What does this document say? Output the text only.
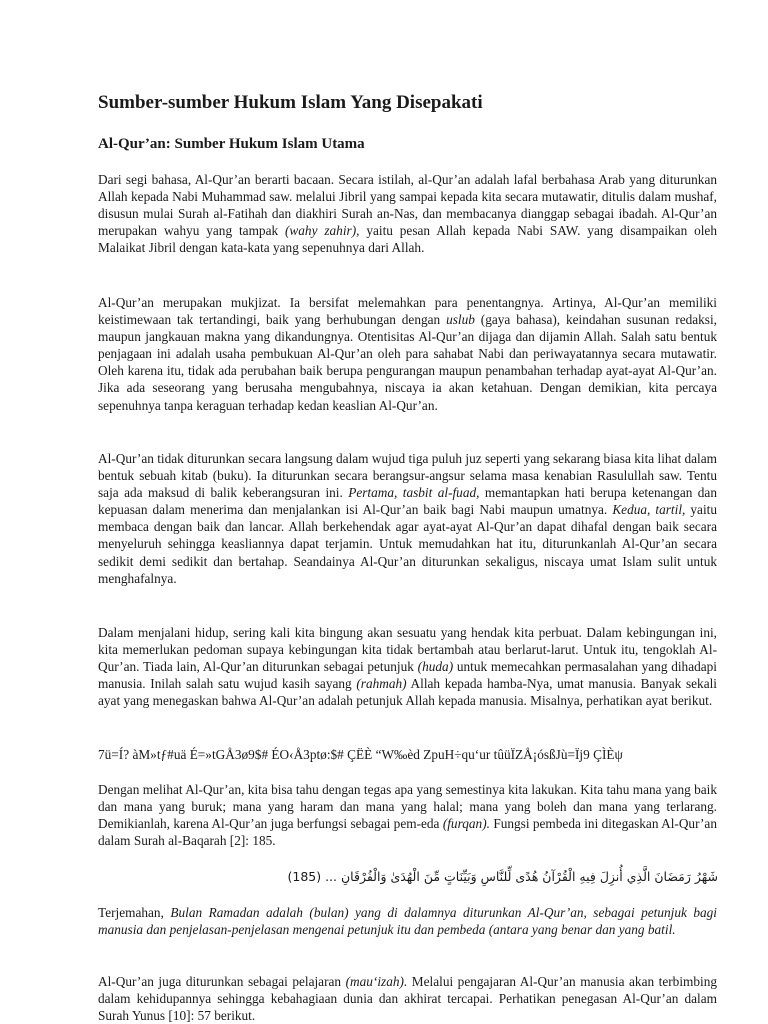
Sumber-sumber Hukum Islam Yang Disepakati
Al-Qur’an: Sumber Hukum Islam Utama

Dari segi bahasa, Al-Qur’an berarti bacaan. Secara istilah, al-Qur’an adalah lafal berbahasa Arab yang diturunkan Allah kepada Nabi Muhammad saw. melalui Jibril yang sampai kepada kita secara mutawatir, ditulis dalam mushaf, disusun mulai Surah al-Fatihah dan diakhiri Surah an-Nas, dan membacanya dianggap sebagai ibadah. Al-Qur’an merupakan wahyu yang tampak (wahy zahir), yaitu pesan Allah kepada Nabi SAW. yang disampaikan oleh Malaikat Jibril dengan kata-kata yang sepenuhnya dari Allah.

Al-Qur’an merupakan mukjizat. Ia bersifat melemahkan para penentangnya. Artinya, Al-Qur’an memiliki keistimewaan tak tertandingi, baik yang berhubungan dengan uslub (gaya bahasa), keindahan susunan redaksi, maupun jangkauan makna yang dikandungnya. Otentisitas Al-Qur’an dijaga dan dijamin Allah. Salah satu bentuk penjagaan ini adalah usaha pembukuan Al-Qur’an oleh para sahabat Nabi dan periwayatannya secara mutawatir. Oleh karena itu, tidak ada perubahan baik berupa pengurangan maupun penambahan terhadap ayat-ayat Al-Qur’an. Jika ada seseorang yang berusaha mengubahnya, niscaya ia akan ketahuan. Dengan demikian, kita percaya sepenuhnya tanpa keraguan terhadap kedan keaslian Al-Qur’an.

Al-Qur’an tidak diturunkan secara langsung dalam wujud tiga puluh juz seperti yang sekarang biasa kita lihat dalam bentuk sebuah kitab (buku). Ia diturunkan secara berangsur-angsur selama masa kenabian Rasulullah saw. Tentu saja ada maksud di balik keberangsuran ini. Pertama, tasbit al-fuad, memantapkan hati berupa ketenangan dan kepuasan dalam menerima dan menjalankan isi Al-Qur’an baik bagi Nabi maupun umatnya. Kedua, tartil, yaitu membaca dengan baik dan lancar. Allah berkehendak agar ayat-ayat Al-Qur’an dapat dihafal dengan baik secara menyeluruh sehingga keasliannya dapat terjamin. Untuk memudahkan hat itu, diturunkanlah Al-Qur’an secara sedikit demi sedikit dan bertahap. Seandainya Al-Qur’an diturunkan sekaligus, niscaya umat Islam sulit untuk menghafalnya.

Dalam menjalani hidup, sering kali kita bingung akan sesuatu yang hendak kita perbuat. Dalam kebingungan ini, kita memerlukan pedoman supaya kebingungan kita tidak bertambah atau berlarut-larut. Untuk itu, tengoklah Al-Qur’an. Tiada lain, Al-Qur’an diturunkan sebagai petunjuk (huda) untuk memecahkan permasalahan yang dihadapi manusia. Inilah salah satu wujud kasih sayang (rahmah) Allah kepada hamba-Nya, umat manusia. Banyak sekali ayat yang menegaskan bahwa Al-Qur’an adalah petunjuk Allah kepada manusia. Misalnya, perhatikan ayat berikut.

7ü=Í? àM»tƒ#uä É=»tGÅ3ø9$# ÉO‹Å3ptø:$# ÇËÈ “W‰èd ZpuH÷qu‘ur tûüÏZÅ¡ósßJù=Ïj9 ÇÌÈψ

Dengan melihat Al-Qur’an, kita bisa tahu dengan tegas apa yang semestinya kita lakukan. Kita tahu mana yang baik dan mana yang buruk; mana yang haram dan mana yang halal; mana yang boleh dan mana yang terlarang. Demikianlah, karena Al-Qur’an juga berfungsi sebagai pem-eda (furqan). Fungsi pembeda ini ditegaskan Al-Qur’an dalam Surah al-Baqarah [2]: 185.

شَهْرُ رَمَضَانَ الَّذِي أُنزِلَ فِيهِ الْقُرْآنُ هُدًى لِّلنَّاسِ وَبَيِّنَاتٍ مِّنَ الْهُدَىٰ وَالْفُرْقَانِ ... (185)

Terjemahan, Bulan Ramadan adalah (bulan) yang di dalamnya diturunkan Al-Qur’an, sebagai petunjuk bagi manusia dan penjelasan-penjelasan mengenai petunjuk itu dan pembeda (antara yang benar dan yang batil.

Al-Qur’an juga diturunkan sebagai pelajaran (mau‘izah). Melalui pengajaran Al-Qur’an manusia akan terbimbing dalam kehidupannya sehingga kebahagiaan dunia dan akhirat tercapai. Perhatikan penegasan Al-Qur’an dalam Surah Yunus [10]: 57 berikut.
